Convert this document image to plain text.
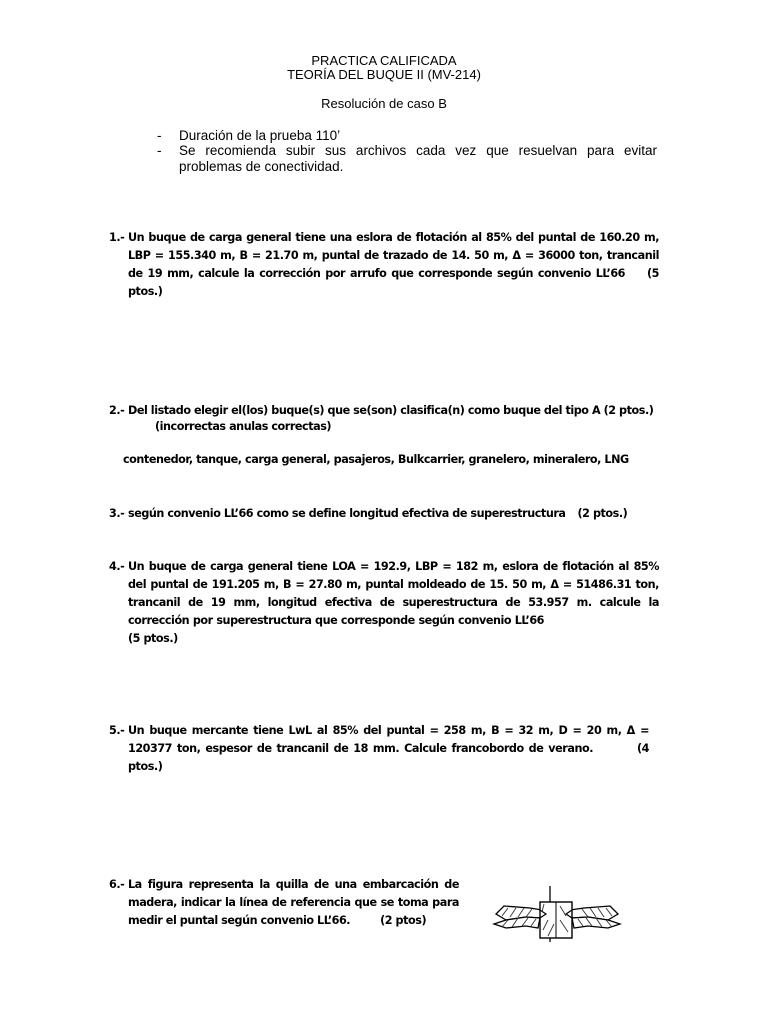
PRACTICA CALIFICADA
TEORÍA DEL BUQUE II (MV-214)
Resolución de caso B
- Duración de la prueba 110’
- Se recomienda subir sus archivos cada vez que resuelvan para evitar problemas de conectividad.
1.- Un buque de carga general tiene una eslora de flotación al 85% del puntal de 160.20 m, LBP = 155.340 m, B = 21.70 m, puntal de trazado de 14. 50 m, Δ = 36000 ton, trancanil de 19 mm, calcule la corrección por arrufo que corresponde según convenio LL’66 (5 ptos.)
2.- Del listado elegir el(los) buque(s) que se(son) clasifica(n) como buque del tipo A (2 ptos.)
(incorrectas anulas correctas)
contenedor, tanque, carga general, pasajeros, Bulkcarrier, granelero, mineralero, LNG
3.- según convenio LL’66 como se define longitud efectiva de superestructura (2 ptos.)
4.- Un buque de carga general tiene LOA = 192.9, LBP = 182 m, eslora de flotación al 85% del puntal de 191.205 m, B = 27.80 m, puntal moldeado de 15. 50 m, Δ = 51486.31 ton, trancanil de 19 mm, longitud efectiva de superestructura de 53.957 m. calcule la corrección por superestructura que corresponde según convenio LL’66(5 ptos.)
5.- Un buque mercante tiene LwL al 85% del puntal = 258 m, B = 32 m, D = 20 m, Δ = 120377 ton, espesor de trancanil de 18 mm. Calcule francobordo de verano.	(4 ptos.)
6.- La figura representa la quilla de una embarcación de madera, indicar la línea de referencia que se toma para medir el puntal según convenio LL’66.	(2 ptos)
